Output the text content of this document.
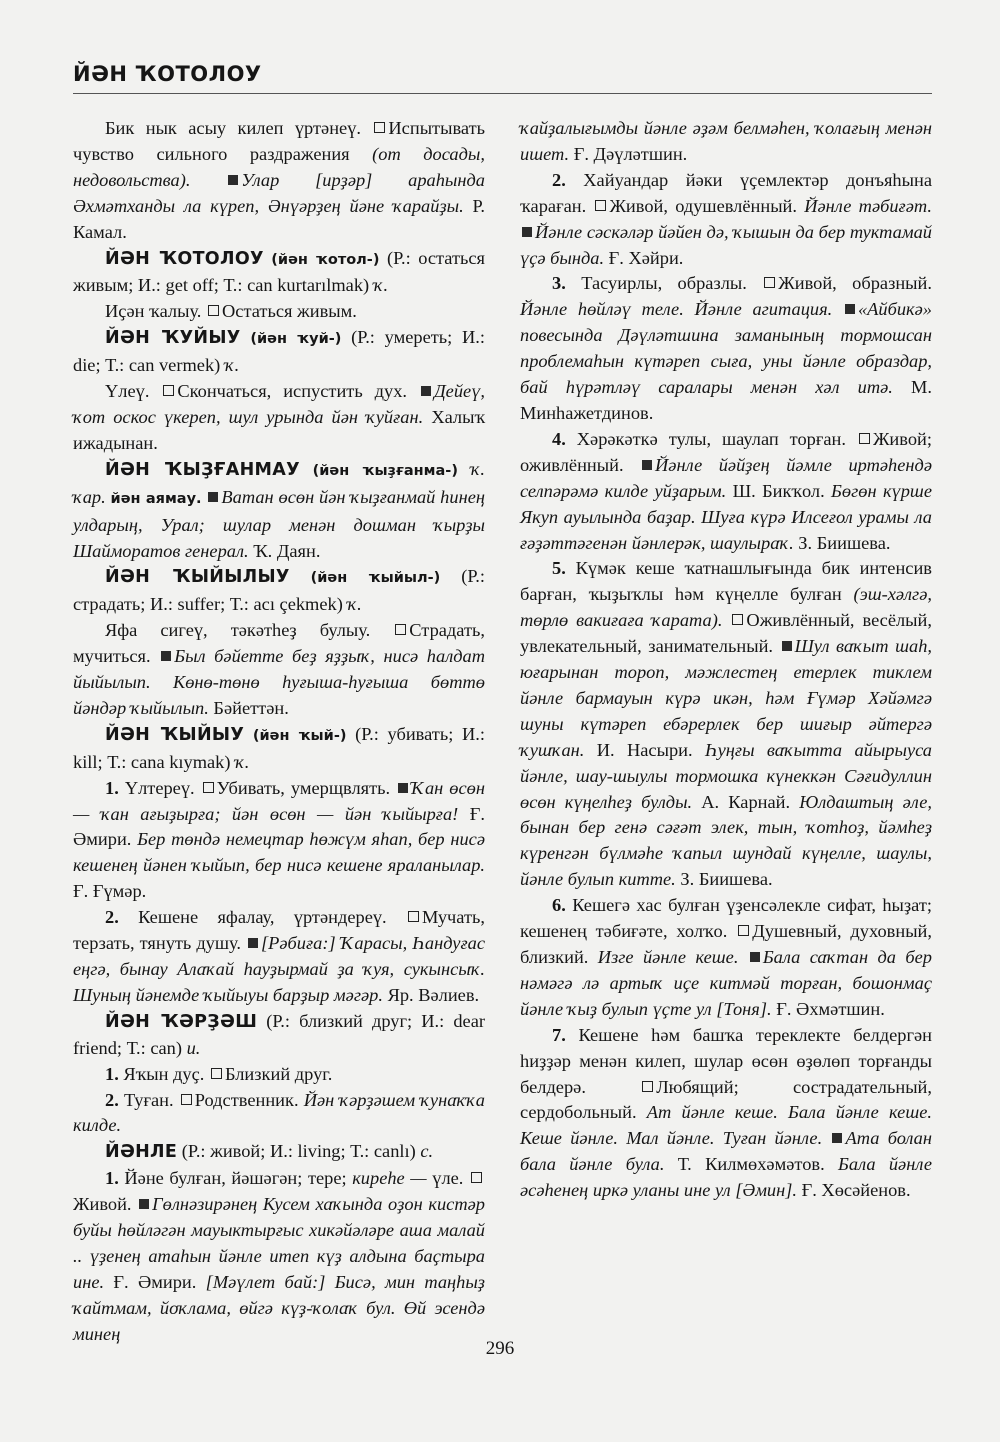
ЙӘН ҠОТОЛОУ

Бик нык асыу килеп үртәнеү. Испытывать чувство сильного раздражения (от досады, недовольства).	Улар [ирҙәр] араһында Әхмәтханды ла күреп, Әнүәрҙең йәне ҡарайҙы. Р. Камал.

ЙӘН ҠОТОЛОУ (йән ҡотол-) (Р.: остаться живым; И.: get off; Т.: can kurtarılmak) ҡ.

Иҫән ҡалыу. Остаться живым.

ЙӘН ҠУЙЫУ (йән ҡуй-) (Р.: умереть; И.: die; Т.: can vermek) ҡ.

Үлеү. Скончаться, испустить дух. Дейеү, ҡот оскос үкереп, шул урында йән ҡуйған. Халыҡ ижадынан.

ЙӘН ҠЫҘҒАНМАУ (йән ҡыҙғанма-) ҡ. ҡар. йән аямау. Ватан өсөн йән ҡыҙғанмай һинең улдарың, Урал; шулар менән дошман ҡырҙы Шайморатов генерал. Ҡ. Даян.

ЙӘН ҠЫЙЫЛЫУ (йән ҡыйыл-) (Р.: страдать; И.: suffer; Т.: acı çekmek) ҡ.

Яфа сигеү, тәкәтһеҙ булыу. Страдать, мучиться. Был бәйетте беҙ яҙҙыҡ, нисә һалдат йыйылып. Көнө-төнө һуғыша-һуғыша бөттө йәндәр ҡыйылып. Бәйеттән.

ЙӘН ҠЫЙЫУ (йән ҡый-) (Р.: убивать; И.: kill; Т.: cana kıymak) ҡ.

1. Үлтереү. Убивать, умерщвлять. Ҡан өсөн — ҡан ағыҙырға; йән өсөн — йән ҡыйырға! Ғ. Әмири. Бер төндә немецтар һөжүм яһап, бер нисә кешенең йәнен ҡыйып, бер нисә кешене яраланылар. Ғ. Ғүмәр.

2. Кешене яфалау, үртәндереү. Мучать, терзать, тянуть душу. [Рәбиға:] Ҡарасы, Һандуғас еңгә, бынау Алаҡай һауҙырмай ҙа ҡуя, сукынсыҡ. Шуның йәнемде ҡыйыуы барҙыр мәгәр. Яр. Вәлиев.

ЙӘН ҠӘРҘӘШ (Р.: близкий друг; И.: dear friend; Т.: can) и.

1. Яҡын дуҫ. Близкий друг.

2. Туған. Родственник. Йән ҡәрҙәшем ҡунаҡҡа килде.

ЙӘНЛЕ (Р.: живой; И.: living; Т.: canlı) с.

1. Йәне булған, йәшәгән; тере; киреһе — үле. Живой. Гөлнәзирәнең Кусем хаҡында оҙон кистәр буйы һөйләгән мауыктырғыс хикәйәләре аша малай .. үҙенең атаһын йәнле итеп күҙ алдына баҫтыра ине. Ғ. Әмири. [Мәүлет бай:] Бисә, мин таңһыҙ ҡайтмам, йоҡлама, өйгә күҙ-ҡолаҡ бул. Өй эсендә минең

ҡайҙалығымды йәнле әҙәм белмәһен, ҡолағың менән ишет. Ғ. Дәүләтшин.

2. Хайуандар йәки үҫемлектәр донъяһына ҡараған. Живой, одушевлённый. Йәнле тәбиғәт. Йәнле сәскәләр йәйен дә, ҡышын да бер туктамай үҫә бында. Ғ. Хәйри.

3. Тасуирлы, образлы. Живой, образный. Йәнле һөйләү теле. Йәнле агитация. «Айбикә» повесында Дәүләтшина заманының тормошсан проблемаһын күтәреп сыға, уны йәнле образдар, бай һүрәтләү саралары менән хәл итә. М. Минһажетдинов.

4. Хәрәкәткә тулы, шаулап торған. Живой; оживлённый. Йәнле йәйҙең йәмле иртәһендә селпәрәмә килде уйҙарым. Ш. Бикҡол. Бөгөн күрше Якуп ауылында баҙар. Шуға күрә Илсеғол урамы ла ғәҙәттәгенән йәнлерәк, шаулыраҡ. З. Биишева.

5. Күмәк кеше ҡатнашлығында бик интенсив барған, ҡыҙыҡлы һәм күңелле булған (эш-хәлгә, төрлө вакиғаға ҡарата). Оживлённый, весёлый, увлекательный, занимательный. Шул ваҡыт шаһ, юғарынан тороп, мәжлестең етерлек тиклем йәнле бармауын күрә икән, һәм Ғүмәр Хәйәмгә шуны күтәреп ебәрерлек бер шиғыр әйтергә ҡушҡан. И. Насыри. Һуңғы ваҡытта айырыуса йәнле, шау-шыулы тормошка күнеккән Сәғидуллин өсөн күңелһеҙ булды. А. Карнай. Юлдаштың әле, бынан бер генә сәғәт элек, тын, ҡотһоҙ, йәмһеҙ күренгән бүлмәһе ҡапыл шундай күңелле, шаулы, йәнле булып китте. З. Биишева.

6. Кешегә хас булған үҙенсәлекле сифат, һыҙат; кешенең тәбиғәте, холҡо. Душевный, духовный, близкий. Изге йәнле кеше. Бала саҡтан да бер нәмәгә лә артыҡ иҫе китмәй торған, бошонмаҫ йәнле ҡыҙ булып үҫте ул [Тоня]. Ғ. Әхмәтшин.

7. Кешене һәм башҡа тереклекте белдергән һиҙҙәр менән килеп, шулар өсөн өҙөлөп торғанды белдерә.	Любящий; сострадательный, сердобольный. Ат йәнле кеше. Бала йәнле кеше. Кеше йәнле. Мал йәнле. Туған йәнле. Ата болан бала йәнле була. Т. Килмөхәмәтов. Бала йәнле әсәһенең иркә уланы ине ул [Әмин]. Ғ. Хөсәйенов.

296
